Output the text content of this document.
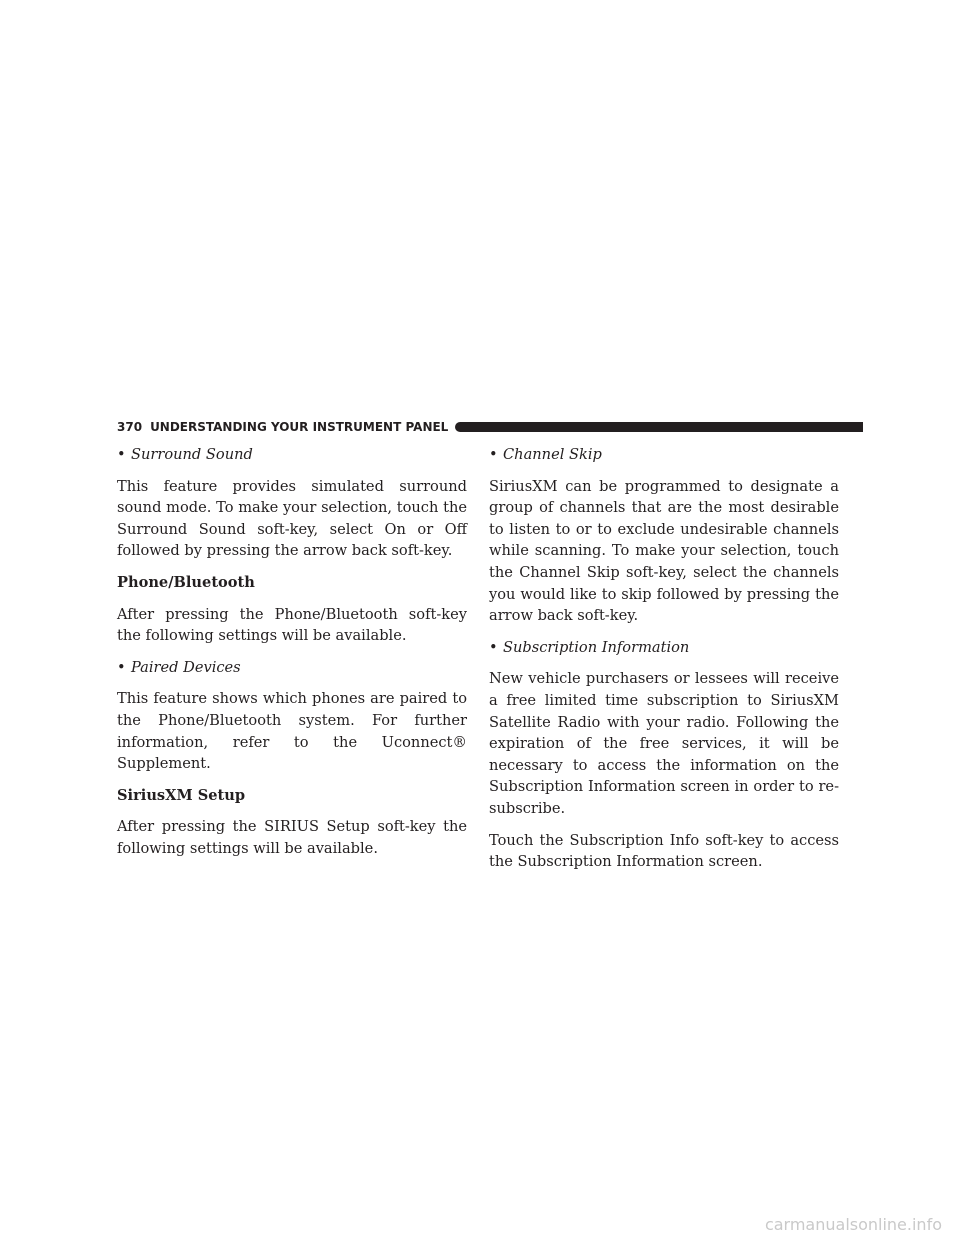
370 UNDERSTANDING YOUR INSTRUMENT PANEL
• Surround Sound

This feature provides simulated surround sound mode. To make your selection, touch the Surround Sound soft-key, select On or Off followed by pressing the arrow back soft-key.

Phone/Bluetooth

After pressing the Phone/Bluetooth soft-key the following settings will be available.

• Paired Devices

This feature shows which phones are paired to the Phone/Bluetooth system. For further information, refer to the Uconnect® Supplement.

SiriusXM Setup

After pressing the SIRIUS Setup soft-key the following settings will be available.

• Channel Skip

SiriusXM can be programmed to designate a group of channels that are the most desirable to listen to or to exclude undesirable channels while scanning. To make your selection, touch the Channel Skip soft-key, select the channels you would like to skip followed by pressing the arrow back soft-key.

• Subscription Information

New vehicle purchasers or lessees will receive a free limited time subscription to SiriusXM Satellite Radio with your radio. Following the expiration of the free services, it will be necessary to access the information on the Subscription Information screen in order to re-subscribe.

Touch the Subscription Info soft-key to access the Subscription Information screen.

carmanualsonline.info
